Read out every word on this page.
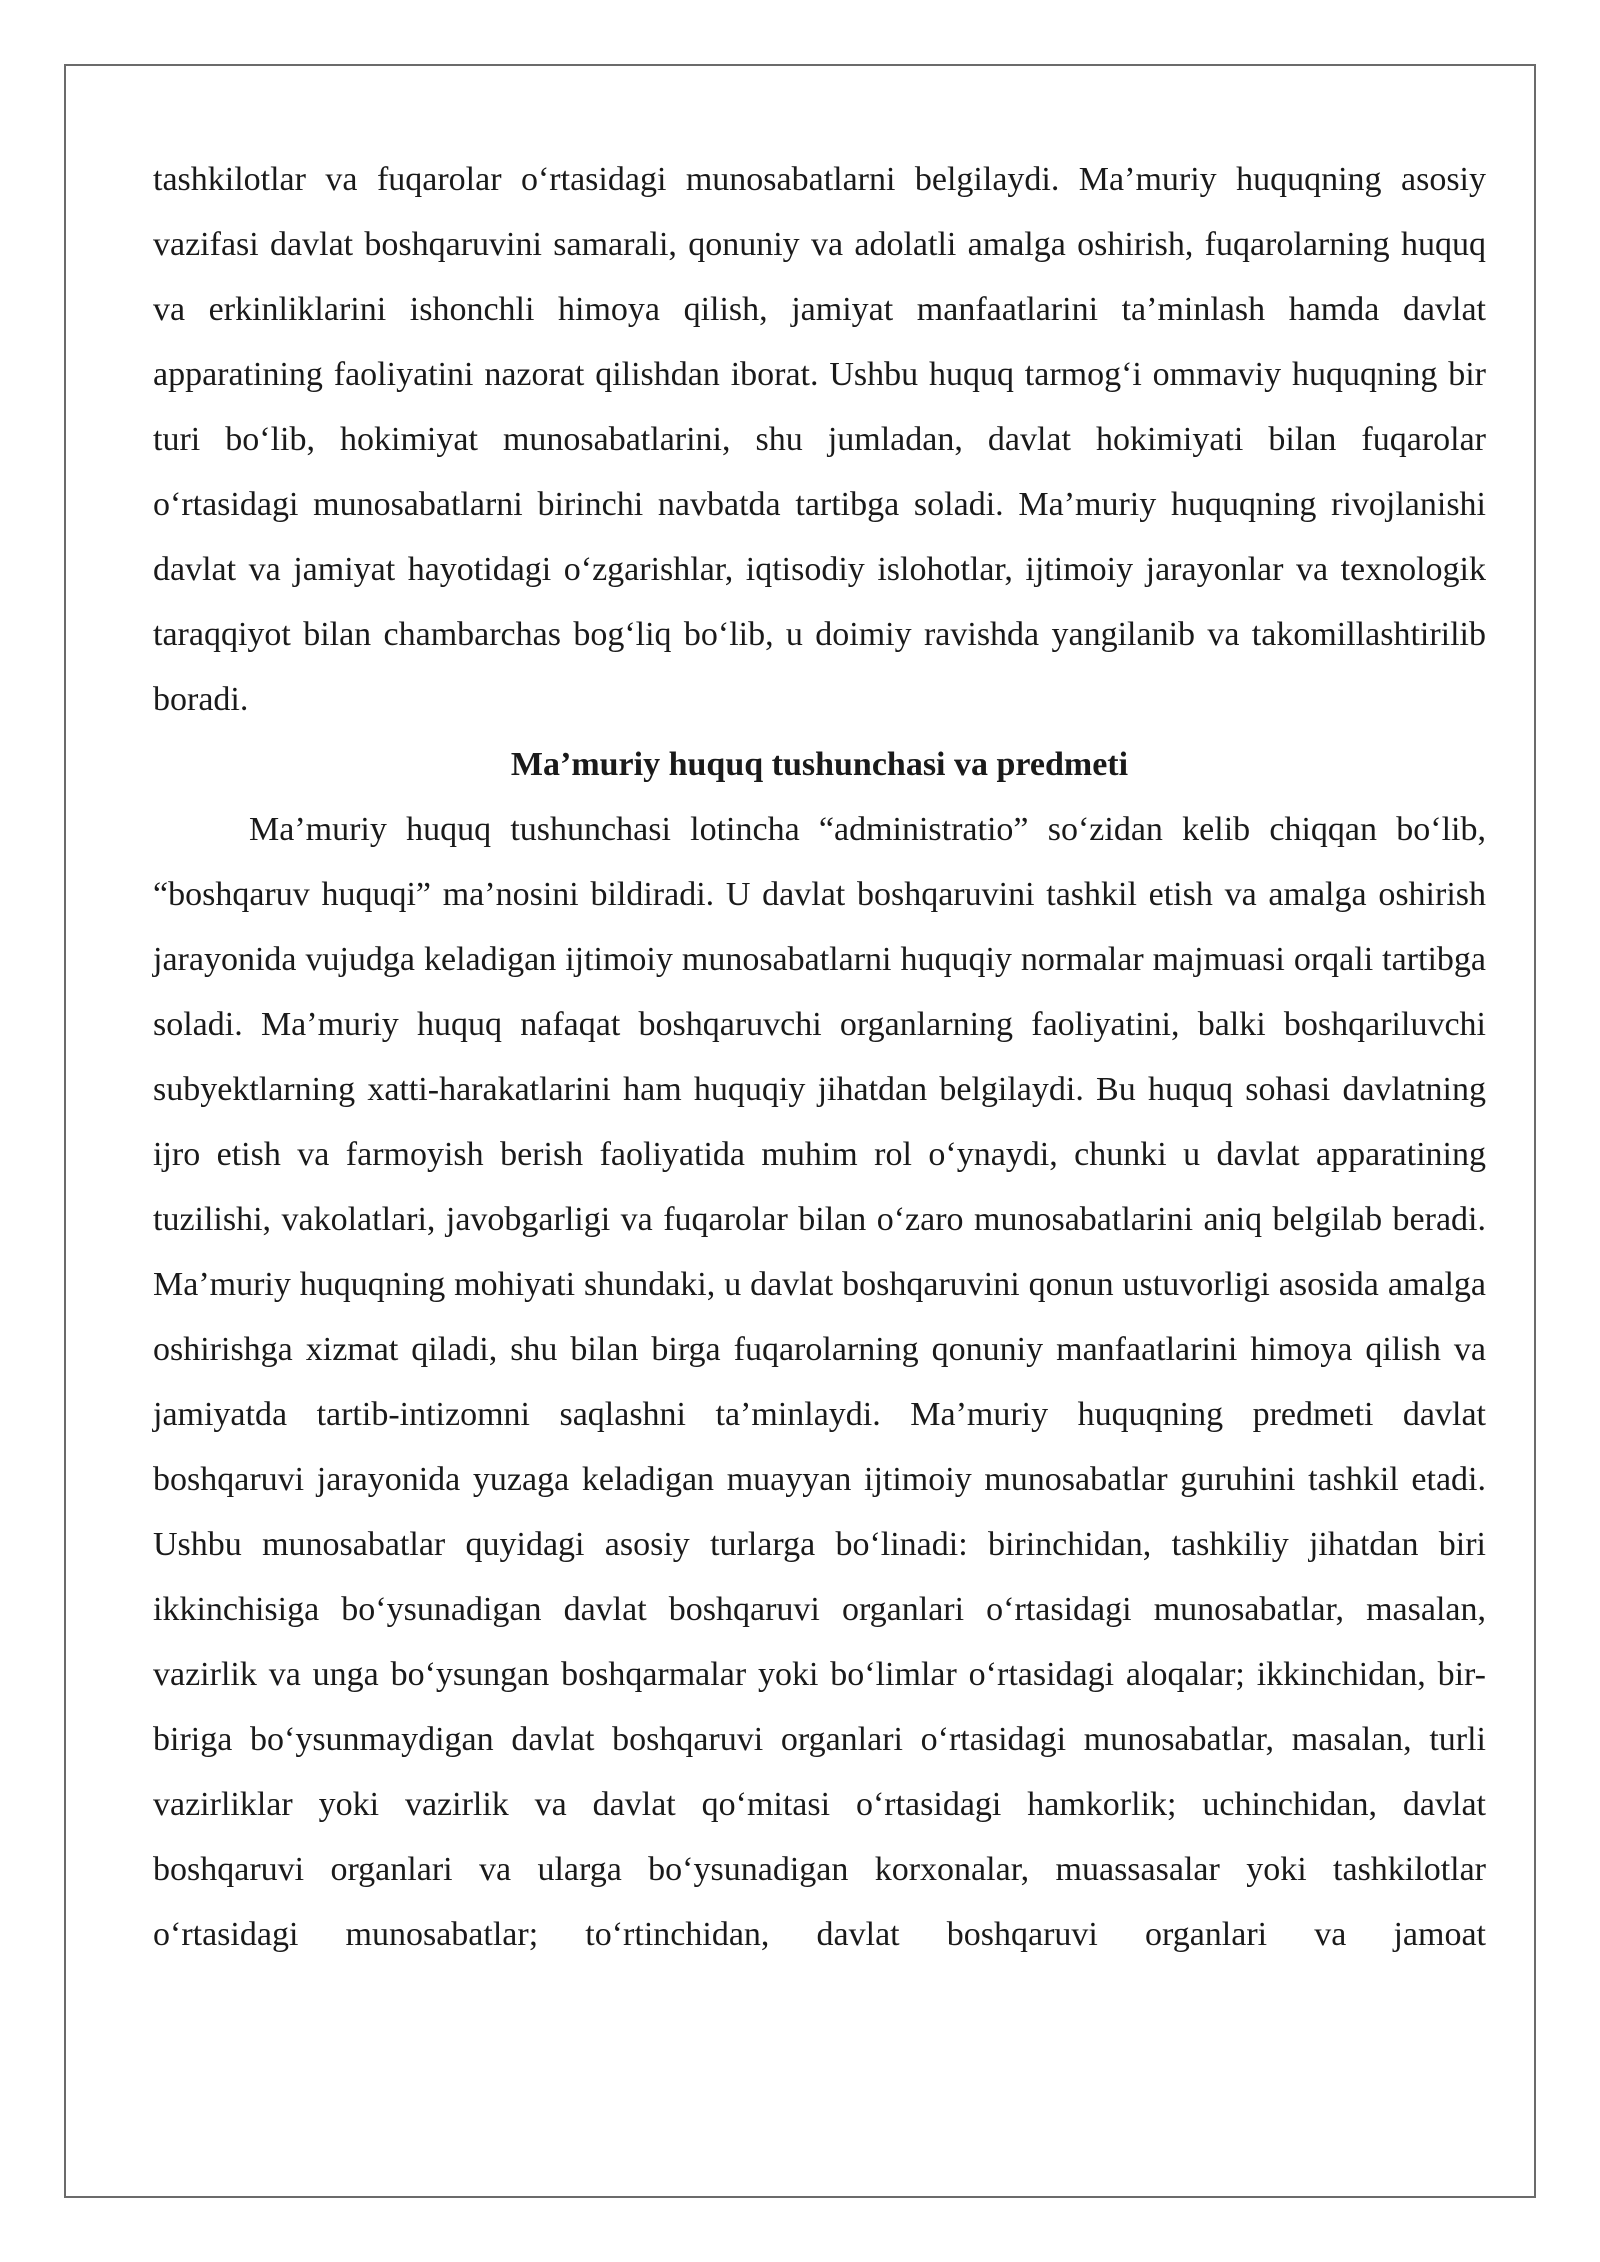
tashkilotlar va fuqarolar o‘rtasidagi munosabatlarni belgilaydi. Ma’muriy huquqning asosiy vazifasi davlat boshqaruvini samarali, qonuniy va adolatli amalga oshirish, fuqarolarning huquq va erkinliklarini ishonchli himoya qilish, jamiyat manfaatlarini ta’minlash hamda davlat apparatining faoliyatini nazorat qilishdan iborat. Ushbu huquq tarmog‘i ommaviy huquqning bir turi bo‘lib, hokimiyat munosabatlarini, shu jumladan, davlat hokimiyati bilan fuqarolar o‘rtasidagi munosabatlarni birinchi navbatda tartibga soladi. Ma’muriy huquqning rivojlanishi davlat va jamiyat hayotidagi o‘zgarishlar, iqtisodiy islohotlar, ijtimoiy jarayonlar va texnologik taraqqiyot bilan chambarchas bog‘liq bo‘lib, u doimiy ravishda yangilanib va takomillashtirilib boradi.

Ma’muriy huquq tushunchasi va predmeti

Ma’muriy huquq tushunchasi lotincha “administratio” so‘zidan kelib chiqqan bo‘lib, “boshqaruv huquqi” ma’nosini bildiradi. U davlat boshqaruvini tashkil etish va amalga oshirish jarayonida vujudga keladigan ijtimoiy munosabatlarni huquqiy normalar majmuasi orqali tartibga soladi. Ma’muriy huquq nafaqat boshqaruvchi organlarning faoliyatini, balki boshqariluvchi subyektlarning xatti-harakatlarini ham huquqiy jihatdan belgilaydi. Bu huquq sohasi davlatning ijro etish va farmoyish berish faoliyatida muhim rol o‘ynaydi, chunki u davlat apparatining tuzilishi, vakolatlari, javobgarligi va fuqarolar bilan o‘zaro munosabatlarini aniq belgilab beradi. Ma’muriy huquqning mohiyati shundaki, u davlat boshqaruvini qonun ustuvorligi asosida amalga oshirishga xizmat qiladi, shu bilan birga fuqarolarning qonuniy manfaatlarini himoya qilish va jamiyatda tartib-intizomni saqlashni ta’minlaydi. Ma’muriy huquqning predmeti davlat boshqaruvi jarayonida yuzaga keladigan muayyan ijtimoiy munosabatlar guruhini tashkil etadi. Ushbu munosabatlar quyidagi asosiy turlarga bo‘linadi: birinchidan, tashkiliy jihatdan biri ikkinchisiga bo‘ysunadigan davlat boshqaruvi organlari o‘rtasidagi munosabatlar, masalan, vazirlik va unga bo‘ysungan boshqarmalar yoki bo‘limlar o‘rtasidagi aloqalar; ikkinchidan, bir-biriga bo‘ysunmaydigan davlat boshqaruvi organlari o‘rtasidagi munosabatlar, masalan, turli vazirliklar yoki vazirlik va davlat qo‘mitasi o‘rtasidagi hamkorlik; uchinchidan, davlat boshqaruvi organlari va ularga bo‘ysunadigan korxonalar, muassasalar yoki tashkilotlar o‘rtasidagi munosabatlar; to‘rtinchidan, davlat boshqaruvi organlari va jamoat
